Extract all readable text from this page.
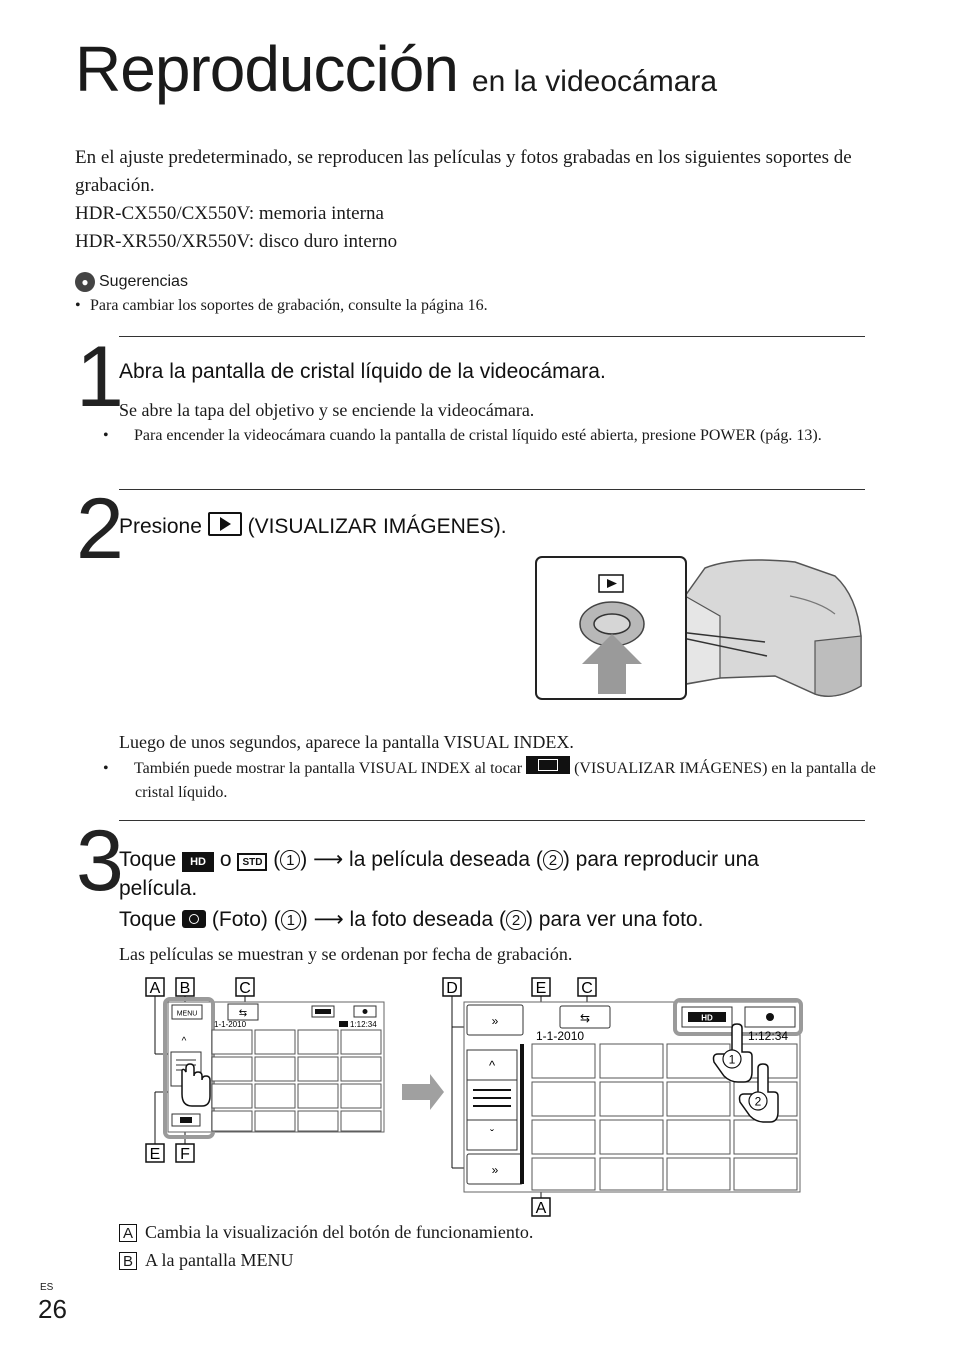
Reproducción en la videocámara

En el ajuste predeterminado, se reproducen las películas y fotos grabadas en los siguientes soportes de grabación.

HDR-CX550/CX550V: memoria interna

HDR-XR550/XR550V: disco duro interno

● Sugerencias
• Para cambiar los soportes de grabación, consulte la página 16.
1
Abra la pantalla de cristal líquido de la videocámara.
Se abre la tapa del objetivo y se enciende la videocámara.
• Para encender la videocámara cuando la pantalla de cristal líquido esté abierta, presione POWER (pág. 13).
2
Presione (VISUALIZAR IMÁGENES).
Luego de unos segundos, aparece la pantalla VISUAL INDEX.
• También puede mostrar la pantalla VISUAL INDEX al tocar	(VISUALIZAR IMÁGENES) en la pantalla de cristal líquido.
3
Toque HD o STD ( 1 ) ⟶ la película deseada ( 2 ) para reproducir una
película.
Toque (Foto) ( 1 ) ⟶ la foto deseada ( 2 ) para ver una foto.
Las películas se muestran y se ordenan por fecha de grabación.
A B	C
E F
MENU	⇆
1-1-2010	1:12:34
^
D	E C
A
»
^
ˇ
»
⇆	HD
1-1-2010	1:12:34
1
2
A Cambia la visualización del botón de funcionamiento.
B A la pantalla MENU
ES
26
